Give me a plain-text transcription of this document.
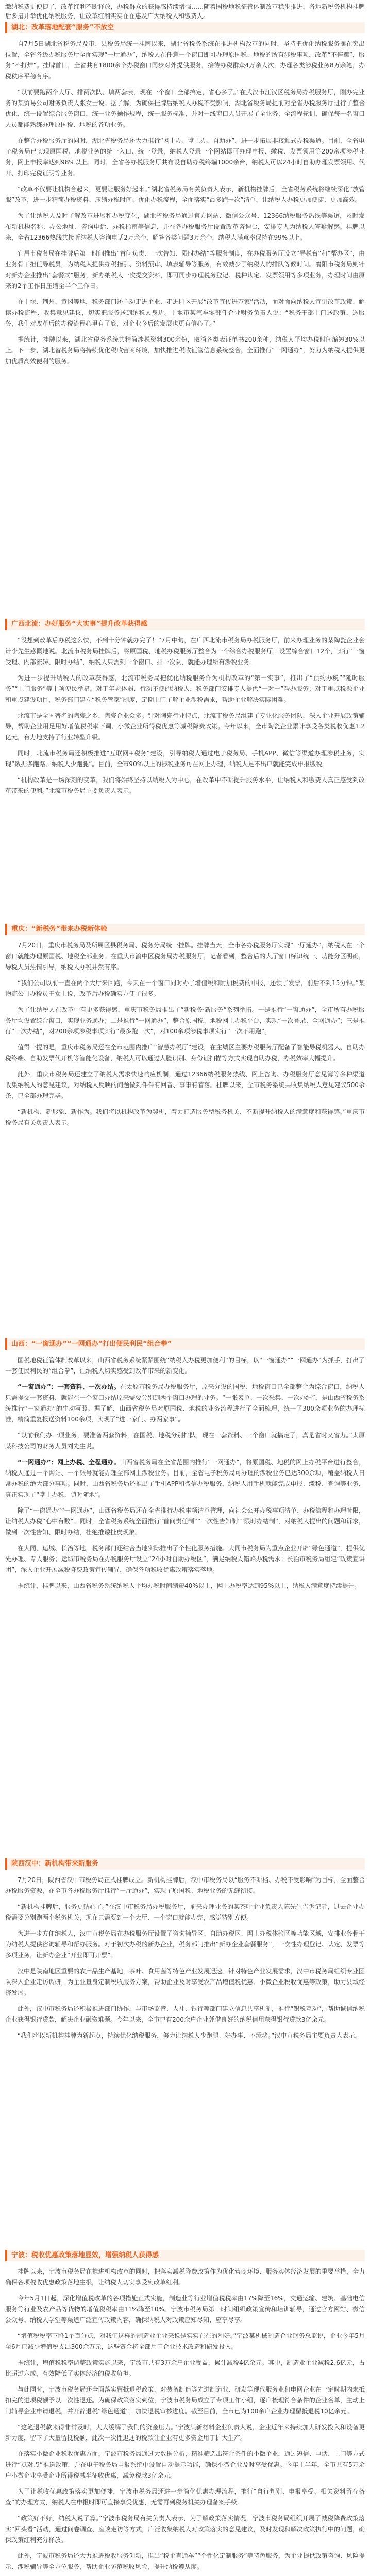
缴纳税费更便捷了，改革红利不断释放，办税群众的获得感持续增强……随着国税地税征管体制改革稳步推进，各地新税务机构挂牌后多措并举优化纳税服务，让改革红利实实在在惠及广大纳税人和缴费人。

湖北：改革落地配套“服务”不放空

自7月5日湖北省税务局及市、县税务局统一挂牌以来，湖北省税务系统在推进机构改革的同时，坚持把优化纳税服务摆在突出位置，全省各级办税服务厅全面实现“一厅通办”，纳税人在任意一个窗口即可办理原国税、地税的所有涉税事项，改革“不停摆”，服务“不打烊”。挂牌首日，全省共有1800余个办税窗口同步对外提供服务，接待办税群众4万余人次，办理各类涉税业务8万余笔，办税秩序平稳有序。

“以前要跑两个大厅、排两次队、填两套表，现在一个窗口全部搞定，省心多了。”在武汉市江汉区税务局办税服务厅，刚办完业务的某贸易公司财务负责人张女士说。据了解，为确保挂牌后纳税人办税不受影响，湖北省税务局提前对全省办税服务厅进行了整合优化，统一设置综合服务窗口，统一业务操作规程，统一服务标准，并对一线窗口人员开展了全业务、全流程轮训，确保每一名窗口人员都能熟练办理原国税、地税的各项业务。

在整合办税服务厅的同时，湖北省税务局还大力推行“网上办、掌上办、自助办”，进一步拓展非接触式办税渠道。目前，全省电子税务局已实现原国税、地税业务的统一入口、统一登录，纳税人登录一个网站即可办理申报、缴税、发票领用等200余项涉税业务，网上申报率达到98%以上。同时，全省各办税服务厅共布设自助办税终端1000余台，纳税人可以24小时自助办理发票领用、代开、打印完税证明等业务。

“改革不仅要让机构合起来，更要让服务好起来。”湖北省税务局有关负责人表示，新机构挂牌后，全省税务系统将继续深化“放管服”改革，进一步精简办税资料、压缩办税时间、优化办税流程，全面落实“最多跑一次”清单，让纳税人办税更加便捷、更加高效。

为了让纳税人及时了解改革进展和办税变化，湖北省税务局通过官方网站、微信公众号、12366纳税服务热线等渠道，及时发布新机构名称、办公地址、咨询电话、办税指南等信息，并在各办税服务厅设置改革咨询台，安排专人为纳税人答疑解惑。挂牌以来，全省12366热线共接听纳税人咨询电话2万余个，解答各类问题3万余个，纳税人满意率保持在99%以上。

宜昌市税务局在挂牌后第一时间推出“首问负责、一次告知、限时办结”等服务制度，在办税服务厅设立“导税台”和“帮办区”，由业务骨干担任导税员，为纳税人提供办税指引、资料预审、填表辅导等服务，有效减少了纳税人的排队等候时间。襄阳市税务局则针对新办企业推出“套餐式”服务，新办纳税人一次提交资料，即可同步办理税务登记、税种认定、发票领用等多项业务，办理时间由原来的2个工作日压缩至半个工作日。

在十堰、荆州、黄冈等地，税务部门还主动走进企业、走进园区开展“改革宣传进万家”活动，面对面向纳税人宣讲改革政策、解读办税流程、收集意见建议，切实把服务送到纳税人身边。十堰市某汽车零部件企业财务负责人说：“税务干部上门送政策、送服务，我们对改革后的办税流程心里有了底，对企业今后的发展也更有信心了。”

据统计，挂牌以来，湖北省税务系统共精简涉税资料300余份，取消各类表证单书200余种，纳税人平均办税时间缩短30%以上。下一步，湖北省税务局将持续优化税收营商环境，加快推进税收征管信息系统整合，全面推行“一网通办”，努力为纳税人提供更加优质高效便利的服务。

广西北流：办好服务“大实事”提升改革获得感

“没想到改革后办税这么快，不到十分钟就办完了！”7月中旬，在广西北流市税务局办税服务厅，前来办理业务的某陶瓷企业会计李先生感慨地说。北流市税务局挂牌后，将原国税、地税办税服务厅整合为一个综合办税服务厅，设置综合窗口12个，实行“一窗受理、内部流转、限时办结”，纳税人只需到一个窗口、排一次队，就能办理所有涉税业务。

为进一步提升纳税人的改革获得感，北流市税务局把优化纳税服务作为机构改革的“第一实事”，推出了“预约办税”“延时服务”“上门服务”等十项便民举措。对于年老体弱、行动不便的纳税人，税务部门安排专人提供“一对一”帮办服务；对于重点税源企业和重点建设项目，税务部门建立“税务管家”制度，定期上门了解企业涉税需求，帮助企业解决实际困难。

北流市是全国著名的陶瓷之乡，陶瓷企业众多。针对陶瓷行业特点，北流市税务局组建了专业化服务团队，深入企业开展政策辅导，帮助企业用足用好增值税税率下调、小微企业所得税优惠等减税降费政策。今年以来，全市陶瓷企业累计享受各类税收优惠1.2亿元，有力地支持了行业转型升级。

同时，北流市税务局还积极推进“互联网+税务”建设，引导纳税人通过电子税务局、手机APP、微信等渠道办理涉税业务，实现“数据多跑路、纳税人少跑腿”。目前，全市90%以上的涉税业务可在网上办理，纳税人足不出户就能完成申报缴税。

“机构改革是一场深刻的变革，我们将始终坚持以纳税人为中心，在改革中不断提升服务水平，让纳税人和缴费人真正感受到改革带来的便利。”北流市税务局主要负责人表示。

重庆：“新税务”带来办税新体验

7月20日，重庆市税务局及所属区县税务局、税务分局统一挂牌。挂牌当天，全市各办税服务厅实现“一厅通办”，纳税人在一个窗口就能办理原国税、地税全部业务。在重庆市渝中区税务局办税服务厅，记者看到，整合后的大厅窗口标识统一、功能分区明确，导税人员热情引导，纳税人办税井然有序。

“我们公司以前一直在两个大厅来回跑，今天在一个窗口同时办了增值税和附加税费的申报，还领了发票，前后不到15分钟。”某物流公司办税员王女士说，改革后办税确实方便了很多。

为了让纳税人在改革中有更多获得感，重庆市税务局推出了“新税务·新服务”系列举措。一是推行“一窗通办”，全市所有办税服务厅均设置综合窗口，实现业务通办；二是推行“一网通办”，整合原国税、地税网上办税平台，实现“一次登录、全网通办”；三是推行“一次办结”，对200余项涉税事项实行“最多跑一次”，对100余项涉税事项实行“一次不用跑”。

值得一提的是，重庆市税务局还在全市范围内推广“智慧办税厅”建设，在主城区主要办税服务厅配备了智能导税机器人、自助办税终端、自助发票代开机等智能化设备，纳税人可以通过人脸识别、身份证扫描等方式实现自助办税，办税效率大幅提升。

此外，重庆市税务局还建立了纳税人需求快速响应机制，通过12366纳税服务热线、网上咨询、办税服务厅意见簿等多种渠道收集纳税人的意见建议，对纳税人反映的问题做到件件有回音、事事有着落。挂牌以来，全市税务系统共收集纳税人意见建议500余条，已全部办理完毕。

“新机构、新形象、新作为。我们将以机构改革为契机，着力打造服务型税务机关，不断提升纳税人的满意度和获得感。”重庆市税务局有关负责人表示。

山西：“一窗通办”“一网通办”打出便民利民“组合拳”

国税地税征管体制改革以来，山西省税务系统紧紧围绕“纳税人办税更加便利”的目标，以“一窗通办”“一网通办”为抓手，打出了一套便民利民的“组合拳”，让纳税人切实感受到改革带来的新变化。

“一窗通办”：一套资料、一次办结。在太原市税务局办税服务厅，原来分设的国税、地税窗口已全部整合为综合窗口，纳税人只需提交一套资料，就能在一个窗口办结原来需要分别到两个窗口办理的业务。“一张表单、一次采集、一次办结”，是山西省税务系统推行“一窗通办”的生动写照。据了解，山西省税务局对原国税、地税的业务流程进行了全面梳理，统一了300余项业务的办理标准，精简重复报送资料100余项，实现了“进一家门、办两家事”。

“以前我们办一项业务，要准备两套资料，在国税、地税分别排队，现在一套资料、一个窗口就搞定了，真是省时又省力。”太原某科技公司的财务人员刘先生说。

“一网通办”：网上办税、全程通办。山西省税务局在全省范围内推行“一网通办”，将原国税、地税的网上办税平台进行整合，纳税人通过一个网站、一个账号就能办理全部网上涉税业务。目前，全省电子税务局可办理的涉税业务已达300余项，覆盖纳税人日常办税的绝大部分事项。同时，山西省税务局还推出了手机APP和微信办税服务，纳税人用手机就能完成申报、缴税、查询等业务，真正实现了“掌上办税、随时随地”。

除了“一窗通办”“一网通办”，山西省税务局还在全省推行办税事项清单管理，向社会公开办税事项清单、办税流程和办理时限，让纳税人办税“心中有数”。同时，全省税务系统全面推行“首问责任制”“一次性告知制”“限时办结制”，对纳税人提出的问题和诉求，做到一次性告知、限时办结，杜绝推诿扯皮现象。

在大同、运城、长治等地，税务部门还结合当地实际推出了个性化服务措施。大同市税务局为重点企业开辟“绿色通道”，提供优先办理、专人服务；运城市税务局在办税服务厅设立“24小时自助办税区”，满足纳税人错峰办税需求；长治市税务局组建“政策宣讲团”，深入企业开展减税降费政策宣传辅导，确保各项税收优惠政策落实落地。

据统计，挂牌以来，山西省税务系统纳税人平均办税时间缩短40%以上，网上办税率达到95%以上，纳税人满意度持续提升。

陕西汉中：新机构带来新服务

7月20日，陕西省汉中市税务局正式挂牌成立。新机构挂牌后，汉中市税务局以“服务不断档、办税不受影响”为目标，全面整合办税服务资源，在全市各办税服务厅推行“一厅通办”，实现了原国税、地税业务的无缝衔接。

“新机构挂牌后，服务更贴心了。”在汉中市税务局办税服务厅，前来办理业务的某茶叶企业负责人陈先生告诉记者，过去企业办税需要分别跑两个税务机关，现在只需要到一个大厅、一个窗口就能办完，感觉特别方便。

为进一步方便纳税人，汉中市税务局在办税服务厅设置了咨询辅导区、自助办税区、网上办税体验区等功能区域，安排业务骨干为纳税人提供咨询辅导和帮办服务。对于初次办税的新办企业，税务部门推出“新办企业套餐服务”，一次性办理登记、认定、发票等多项业务，让新办企业“开业即可开票”。

汉中是陕南地区重要的农产品生产基地，茶叶、食用菌等特色产业发展迅速。针对特色产业发展需求，汉中市税务局组织专业团队深入企业走访调研，为企业量身定制税收服务方案，帮助企业及时享受农产品增值税优惠、小微企业税收优惠等政策，助力县域经济发展。

此外，汉中市税务局还积极推进部门协作，与市场监管、人社、银行等部门建立信息共享机制，推行“银税互动”，帮助诚信纳税企业获得银行贷款，解决企业融资难题。今年以来，全市已有200余户企业凭借良好的纳税信用获得银行贷款3亿余元。

“我们将以新机构挂牌为新起点，持续优化纳税服务，努力让纳税人少跑腿、好办事、不添堵。”汉中市税务局主要负责人表示。

宁波：税收优惠政策落地显效，增强纳税人获得感

挂牌以来，宁波市税务局在推进机构改革的同时，把落实减税降费政策作为优化营商环境、服务实体经济发展的重要举措，全力确保各项税收优惠政策落地生根，让纳税人切实享受到改革红利。

今年5月1日起，深化增值税改革的各项措施正式实施，制造业等行业增值税税率由17%降至16%，交通运输、建筑、基础电信服务等行业及农产品等货物的增值税税率由11%降至10%。宁波市税务局第一时间组织政策宣传和培训辅导，通过官方网站、微信公众号、纳税人学堂等渠道广泛宣传政策内容，确保纳税人对政策应知尽知、应享尽享。

“增值税税率下降1个百分点，对我们这样的制造业企业来说是实实在在的利好。”宁波某机械制造企业财务总监说，企业今年5月至6月已减少增值税支出300余万元，这些资金将全部用于企业技术改造和研发投入。

据统计，增值税税率调整政策实施以来，宁波市共有3万余户企业受益，累计减税4亿余元。其中，制造业企业减税2.6亿元，占比超过六成，有效降低了实体经济的税收负担。

与此同时，宁波市税务局还全面落实留抵退税政策，对装备制造等先进制造业、研发等现代服务业和电网企业在一定时期内未抵扣完的进项税额予以一次性退还。为确保政策落实到位，宁波市税务局成立了专项工作小组，逐户梳理符合条件的企业名单，主动上门辅导企业申请退税，并开辟退税“绿色通道”，加快退税审核进度。截至目前，全市已为100余户企业办理留抵退税10亿余元。

“这笔退税款来得非常及时，大大缓解了我们的资金压力。”宁波某新材料企业负责人说，企业近年来持续加大研发投入和设备更新力度，留下了大量留抵税额，此次一次性退还的税款让企业有更多资金用于扩大生产。

在落实小微企业税收优惠方面，宁波市税务局通过大数据分析，精准筛选出符合条件的小微企业，通过短信、电话、上门等方式进行“点对点”推送政策，并在电子税务局申报系统中设置自动提示功能，确保小微企业及时享受优惠。今年上半年，全市共有5万余户小微企业享受企业所得税减半征收优惠，减免税款3亿余元。

为了让税收优惠政策落实更加便捷，宁波市税务局还进一步简化优惠办理流程，推行“自行判别、申报享受、相关资料留存备查”的办理方式，纳税人在申报时即可直接享受优惠，无需再到税务机关办理备案手续。

“政策好不好，纳税人说了算。”宁波市税务局有关负责人表示，为了解政策落实情况，宁波市税务局组织开展了减税降费政策落实“回头看”活动，通过问卷调查、座谈走访等方式，广泛收集纳税人对政策落实的意见建议，及时发现和解决政策执行中的问题，确保政策红利充分释放。

此外，宁波市税务局还大力推进税收服务创新，推出“税企直通车”“个性化定制服务”等特色服务，为企业提供政策咨询、风险提示、涉税辅导等全方位服务，帮助企业防范税收风险，提升纳税遵从度。
